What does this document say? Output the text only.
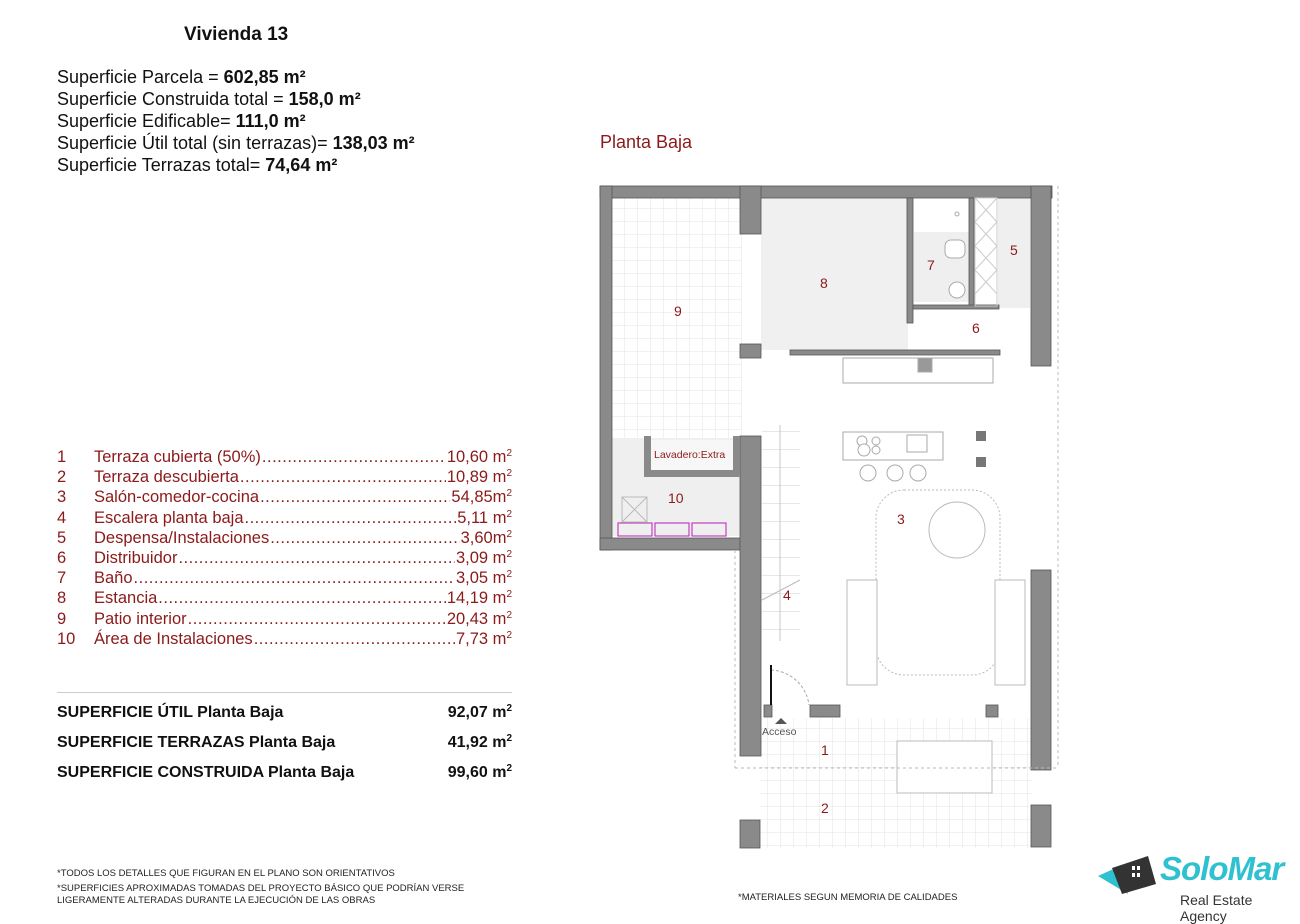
Vivienda 13
Superficie Parcela = 602,85 m²
Superficie Construida total = 158,0 m²
Superficie Edificable= 111,0 m²
Superficie Útil total (sin terrazas)= 138,03 m²
Superficie Terrazas total= 74,64 m²
1	Terraza cubierta (50%) .....	10,60 $m^2$
2	Terraza descubierta .....	10,89 $m^2$
3	Salón-comedor-cocina .....	$54,85m^2$
4	Escalera planta baja .....	5,11 $m^2$
5	Despensa/Instalaciones .....	$3,60m^2$
6	Distribuidor .....	3,09 $m^2$
7	Baño .....	3,05 $m^2$
8	Estancia .....	14,19 $m^2$
9	Patio interior .....	20,43 $m^2$
10	Área de Instalaciones .....	7,73 $m^2$
SUPERFICIE ÚTIL Planta Baja	92,07 $m^2$
SUPERFICIE TERRAZAS Planta Baja	41,92 $m^2$
SUPERFICIE CONSTRUIDA Planta Baja	99,60 $m^2$
*TODOS LOS DETALLES QUE FIGURAN EN EL PLANO SON ORIENTATIVOS
*SUPERFICIES APROXIMADAS TOMADAS DEL PROYECTO BÁSICO QUE PODRÍAN VERSE
LIGERAMENTE ALTERADAS DURANTE LA EJECUCIÓN DE LAS OBRAS	*MATERIALES SEGUN MEMORIA DE CALIDADES
Planta Baja
9
8
7
5
6
10
3
4
1
2
Lavadero:Extra
Acceso
SoloMar
Real Estate Agency
